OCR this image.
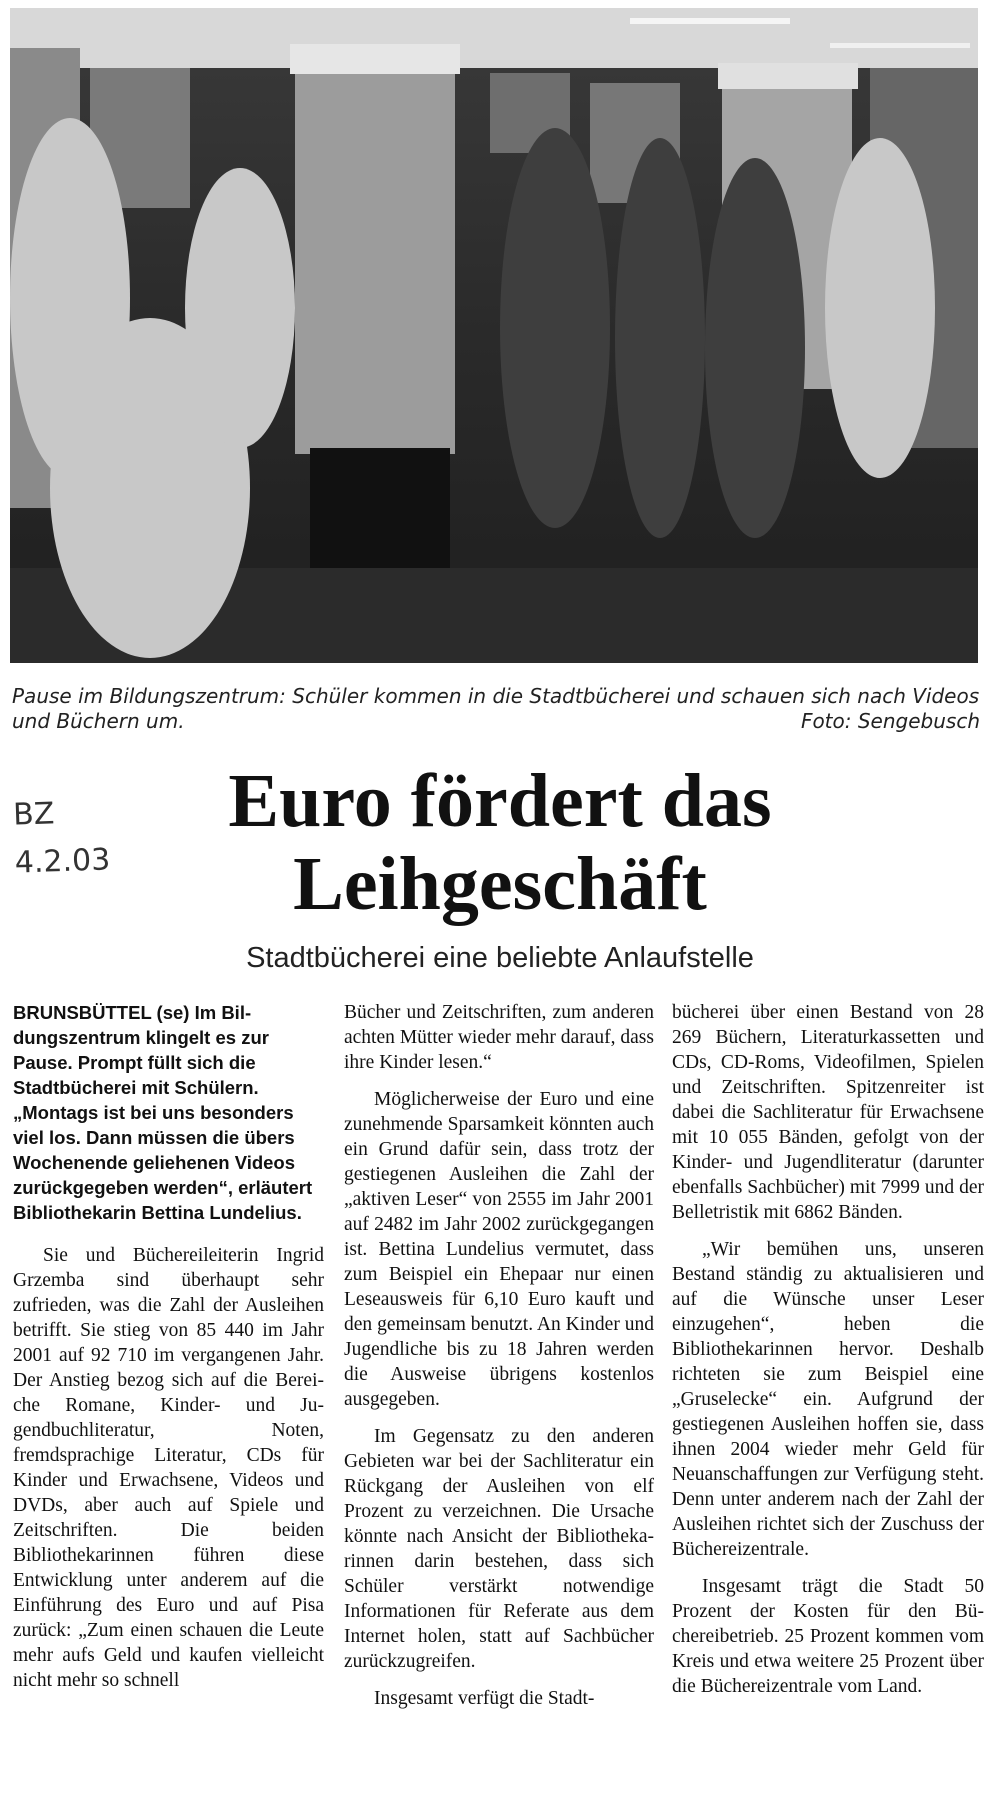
Pause im Bildungszentrum: Schüler kommen in die Stadtbücherei und schauen sich nach Videos und Büchern um.	Foto: Sengebusch
BZ
4.2.03
Euro fördert das Leihgeschäft
Stadtbücherei eine beliebte Anlaufstelle

BRUNSBÜTTEL (se) Im Bildungszentrum klingelt es zur Pause. Prompt füllt sich die Stadtbücherei mit Schülern. „Montags ist bei uns besonders viel los. Dann müssen die übers Wochenende geliehenen Videos zurückgegeben werden“, erläutert Bibliothekarin Bettina Lundelius.

Sie und Büchereileiterin Ingrid Grzemba sind überhaupt sehr zufrieden, was die Zahl der Ausleihen betrifft. Sie stieg von 85 440 im Jahr 2001 auf 92 710 im vergangenen Jahr. Der Anstieg bezog sich auf die Bereiche Romane, Kinder- und Jugendbuchliteratur, Noten, fremdsprachige Literatur, CDs für Kinder und Erwachsene, Videos und DVDs, aber auch auf Spiele und Zeitschriften. Die beiden Bibliothekarinnen führen diese Entwicklung unter anderem auf die Einführung des Euro und auf Pisa zurück: „Zum einen schauen die Leute mehr aufs Geld und kaufen vielleicht nicht mehr so schnell

Bücher und Zeitschriften, zum anderen achten Mütter wieder mehr darauf, dass ihre Kinder lesen.“

Möglicherweise der Euro und eine zunehmende Sparsamkeit könnten auch ein Grund dafür sein, dass trotz der gestiegenen Ausleihen die Zahl der „aktiven Leser“ von 2555 im Jahr 2001 auf 2482 im Jahr 2002 zurückgegangen ist. Bettina Lundelius vermutet, dass zum Beispiel ein Ehepaar nur einen Leseausweis für 6,10 Euro kauft und den gemeinsam benutzt. An Kinder und Jugendliche bis zu 18 Jahren werden die Ausweise übrigens kostenlos ausgegeben.

Im Gegensatz zu den anderen Gebieten war bei der Sachliteratur ein Rückgang der Ausleihen von elf Prozent zu verzeichnen. Die Ursache könnte nach Ansicht der Bibliothekarinnen darin bestehen, dass sich Schüler verstärkt notwendige Informationen für Referate aus dem Internet holen, statt auf Sachbücher zurückzugreifen.

Insgesamt verfügt die Stadt-

bücherei über einen Bestand von 28 269 Büchern, Literaturkassetten und CDs, CD-Roms, Videofilmen, Spielen und Zeitschriften. Spitzenreiter ist dabei die Sachliteratur für Erwachsene mit 10 055 Bänden, gefolgt von der Kinder- und Jugendliteratur (darunter ebenfalls Sachbücher) mit 7999 und der Belletristik mit 6862 Bänden.

„Wir bemühen uns, unseren Bestand ständig zu aktualisieren und auf die Wünsche unser Leser einzugehen“, heben die Bibliothekarinnen hervor. Deshalb richteten sie zum Beispiel eine „Gruselecke“ ein. Aufgrund der gestiegenen Ausleihen hoffen sie, dass ihnen 2004 wieder mehr Geld für Neuanschaffungen zur Verfügung steht. Denn unter anderem nach der Zahl der Ausleihen richtet sich der Zuschuss der Büchereizentrale.

Insgesamt trägt die Stadt 50 Prozent der Kosten für den Büchereibetrieb. 25 Prozent kommen vom Kreis und etwa weitere 25 Prozent über die Büchereizentrale vom Land.
